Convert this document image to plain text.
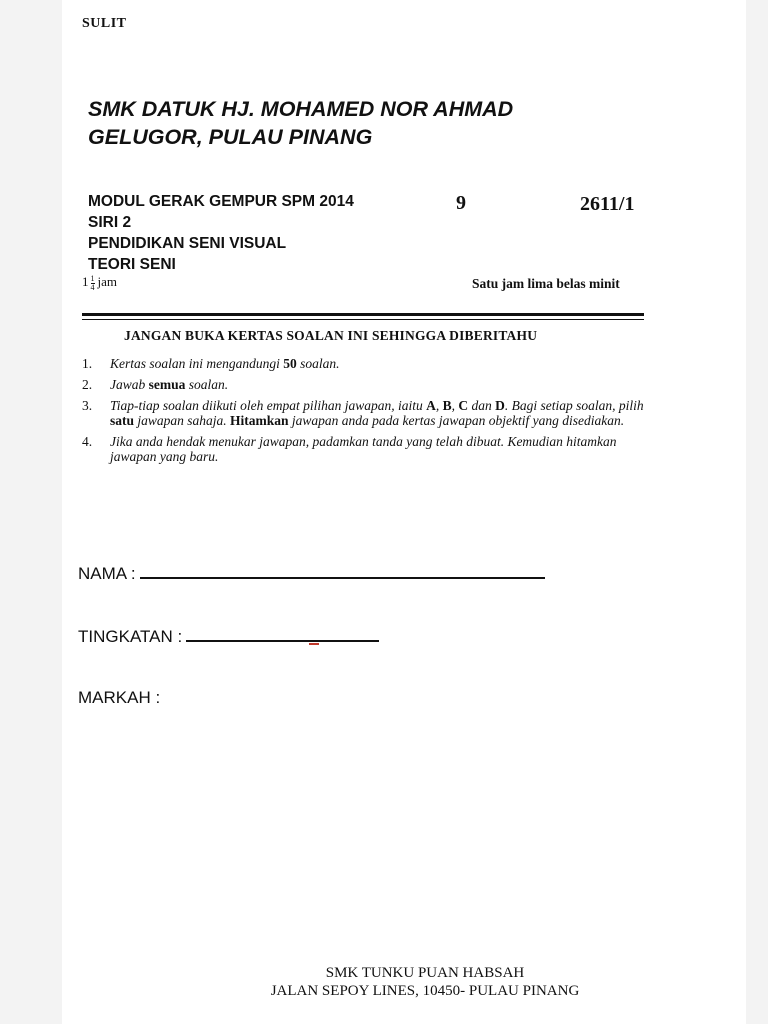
SULIT
SMK DATUK HJ. MOHAMED NOR AHMAD
GELUGOR, PULAU PINANG
MODUL GERAK GEMPUR SPM 2014
SIRI 2
PENDIDIKAN SENI VISUAL
TEORI SENI
9	2611/1
$1 \frac{1}{4}$ jam	Satu jam lima belas minit
JANGAN BUKA KERTAS SOALAN INI SEHINGGA DIBERITAHU
1. Kertas soalan ini mengandungi 50 soalan.
2. Jawab semua soalan.
3. Tiap-tiap soalan diikuti oleh empat pilihan jawapan, iaitu A, B, C dan D. Bagi setiap soalan, pilih satu jawapan sahaja. Hitamkan jawapan anda pada kertas jawapan objektif yang disediakan.
4. Jika anda hendak menukar jawapan, padamkan tanda yang telah dibuat. Kemudian hitamkan jawapan yang baru.
NAMA :
TINGKATAN :
MARKAH :
SMK TUNKU PUAN HABSAH
JALAN SEPOY LINES, 10450- PULAU PINANG
